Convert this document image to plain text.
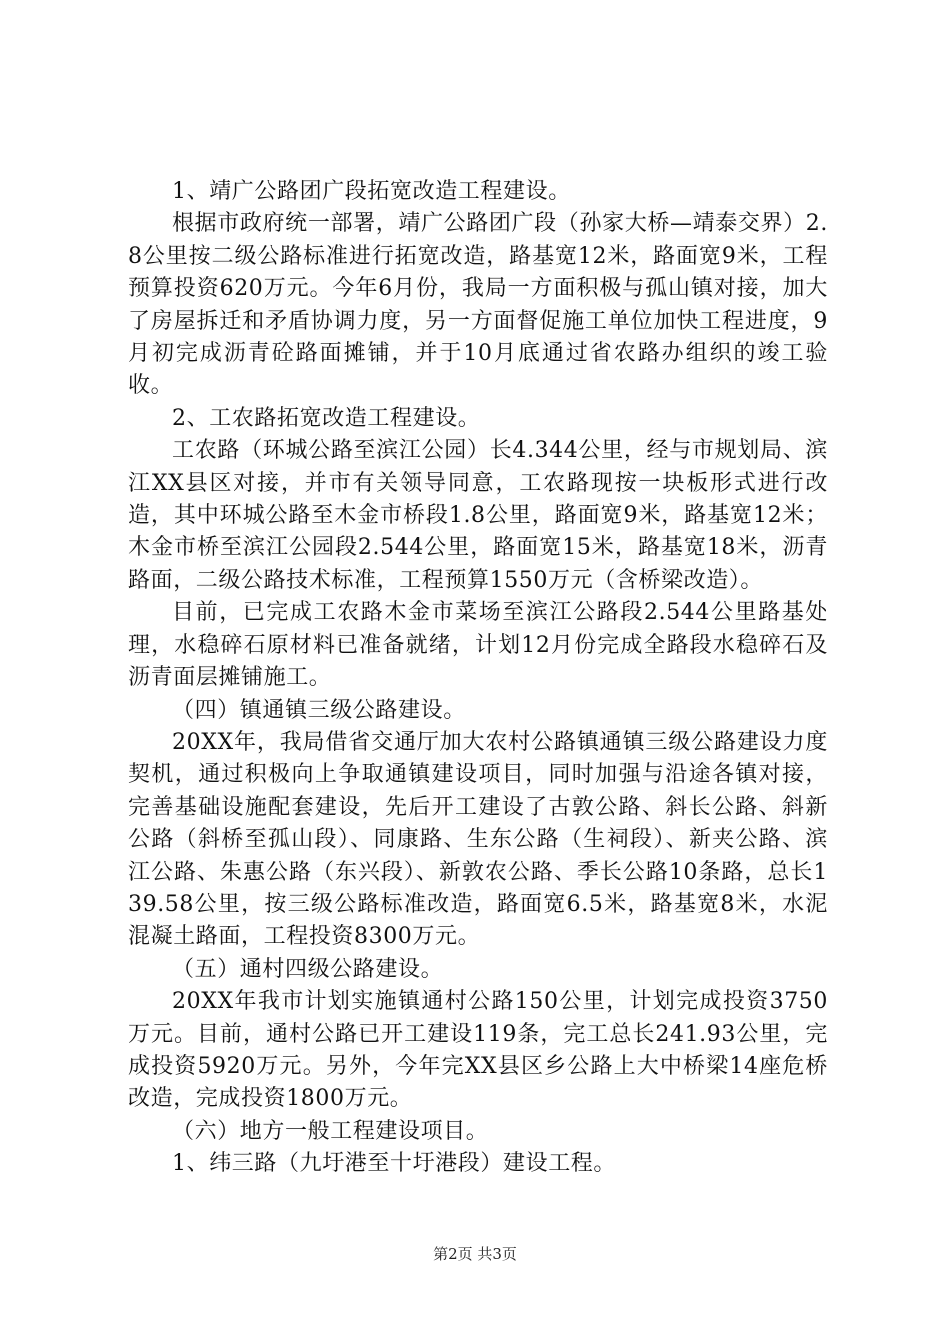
1、靖广公路团广段拓宽改造工程建设。

根据市政府统一部署，靖广公路团广段（孙家大桥—靖泰交界）2.8公里按二级公路标准进行拓宽改造，路基宽12米，路面宽9米，工程预算投资620万元。今年6月份，我局一方面积极与孤山镇对接，加大了房屋拆迁和矛盾协调力度，另一方面督促施工单位加快工程进度，9月初完成沥青砼路面摊铺，并于10月底通过省农路办组织的竣工验收。

2、工农路拓宽改造工程建设。

工农路（环城公路至滨江公园）长4.344公里，经与市规划局、滨江XX县区对接，并市有关领导同意，工农路现按一块板形式进行改造，其中环城公路至木金市桥段1.8公里，路面宽9米，路基宽12米；木金市桥至滨江公园段2.544公里，路面宽15米，路基宽18米，沥青路面，二级公路技术标准，工程预算1550万元（含桥梁改造）。

目前，已完成工农路木金市菜场至滨江公路段2.544公里路基处理，水稳碎石原材料已准备就绪，计划12月份完成全路段水稳碎石及沥青面层摊铺施工。

（四）镇通镇三级公路建设。

20XX年，我局借省交通厅加大农村公路镇通镇三级公路建设力度契机，通过积极向上争取通镇建设项目，同时加强与沿途各镇对接，完善基础设施配套建设，先后开工建设了古敦公路、斜长公路、斜新公路（斜桥至孤山段）、同康路、生东公路（生祠段）、新夹公路、滨江公路、朱惠公路（东兴段）、新敦农公路、季长公路10条路，总长139.58公里，按三级公路标准改造，路面宽6.5米，路基宽8米，水泥混凝土路面，工程投资8300万元。

（五）通村四级公路建设。

20XX年我市计划实施镇通村公路150公里，计划完成投资3750万元。目前，通村公路已开工建设119条，完工总长241.93公里，完成投资5920万元。另外，今年完XX县区乡公路上大中桥梁14座危桥改造，完成投资1800万元。

（六）地方一般工程建设项目。

1、纬三路（九圩港至十圩港段）建设工程。

第2页 共3页
